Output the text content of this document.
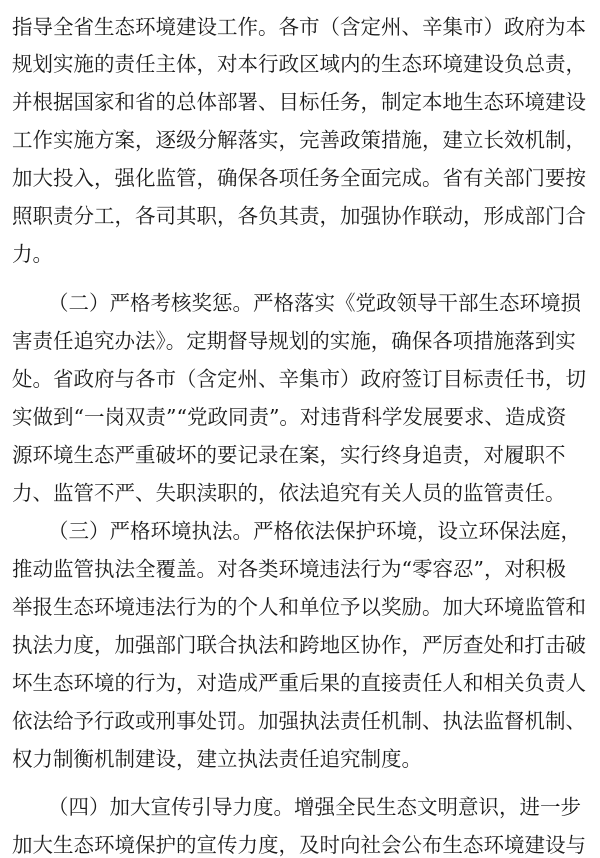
指导全省生态环境建设工作。各市（含定州、辛集市）政府为本
规划实施的责任主体，对本行政区域内的生态环境建设负总责，
并根据国家和省的总体部署、目标任务，制定本地生态环境建设
工作实施方案，逐级分解落实，完善政策措施，建立长效机制，
加大投入，强化监管，确保各项任务全面完成。省有关部门要按
照职责分工，各司其职，各负其责，加强协作联动，形成部门合
力。
（二）严格考核奖惩。严格落实《党政领导干部生态环境损
害责任追究办法》。定期督导规划的实施，确保各项措施落到实
处。省政府与各市（含定州、辛集市）政府签订目标责任书，切
实做到“一岗双责”“党政同责”。对违背科学发展要求、造成资
源环境生态严重破坏的要记录在案，实行终身追责，对履职不
力、监管不严、失职渎职的，依法追究有关人员的监管责任。
（三）严格环境执法。严格依法保护环境，设立环保法庭，
推动监管执法全覆盖。对各类环境违法行为“零容忍”，对积极
举报生态环境违法行为的个人和单位予以奖励。加大环境监管和
执法力度，加强部门联合执法和跨地区协作，严厉查处和打击破
坏生态环境的行为，对造成严重后果的直接责任人和相关负责人
依法给予行政或刑事处罚。加强执法责任机制、执法监督机制、
权力制衡机制建设，建立执法责任追究制度。
（四）加大宣传引导力度。增强全民生态文明意识，进一步
加大生态环境保护的宣传力度，及时向社会公布生态环境建设与
